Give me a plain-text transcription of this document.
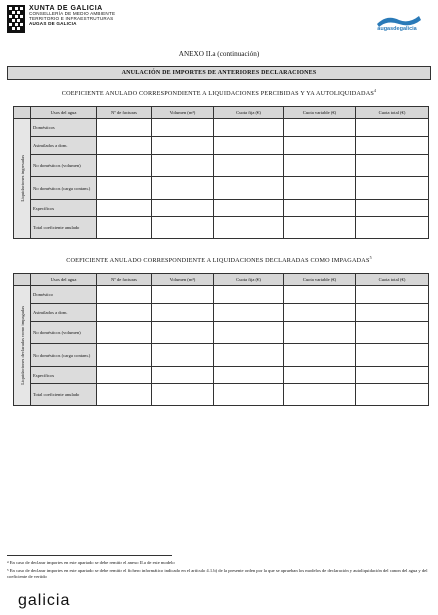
XUNTA DE GALICIA
CONSELLERÍA DE MEDIO AMBIENTE
TERRITORIO E INFRAESTRUTURAS
AUGAS DE GALICIA
augasdegalicia
ANEXO II.a (continuación)
ANULACIÓN DE IMPORTES DE ANTERIORES DECLARACIONES
COEFICIENTE ANULADO CORRESPONDIENTE A LIQUIDACIONES PERCIBIDAS Y YA AUTOLIQUIDADAS$^4$
	Usos del agua	Nº de facturas	Volumen (m³)	Cuota fija (€)	Cuota variable (€)	Cuota total (€)
Liquidaciones ingresadas	Domésticos					
	Asimilados a dom.					
	No domésticos (volumen)					
	No domésticos (carga contam.)					
	Específicos					
	Total coeficiente anulado					
COEFICIENTE ANULADO CORRESPONDIENTE A LIQUIDACIONES DECLARADAS COMO IMPAGADAS$^5$
	Usos del agua	Nº de facturas	Volumen (m³)	Cuota fija (€)	Cuota variable (€)	Cuota total (€)
Liquidaciones declaradas como impagadas	Doméstico					
	Asimilados a dom.					
	No domésticos (volumen)					
	No domésticos (carga contam.)					
	Específicos					
	Total coeficiente anulado					
⁴ En caso de declarar importes en este apartado se debe remitir el anexo II.a de este modelo
⁵ En caso de declarar importes en este apartado se debe remitir el fichero informático indicado en el artículo 4.1.b) de la presente orden por la que se aprueban los modelos de declaración y autoliquidación del canon del agua y del coeficiente de vertido
galicia
